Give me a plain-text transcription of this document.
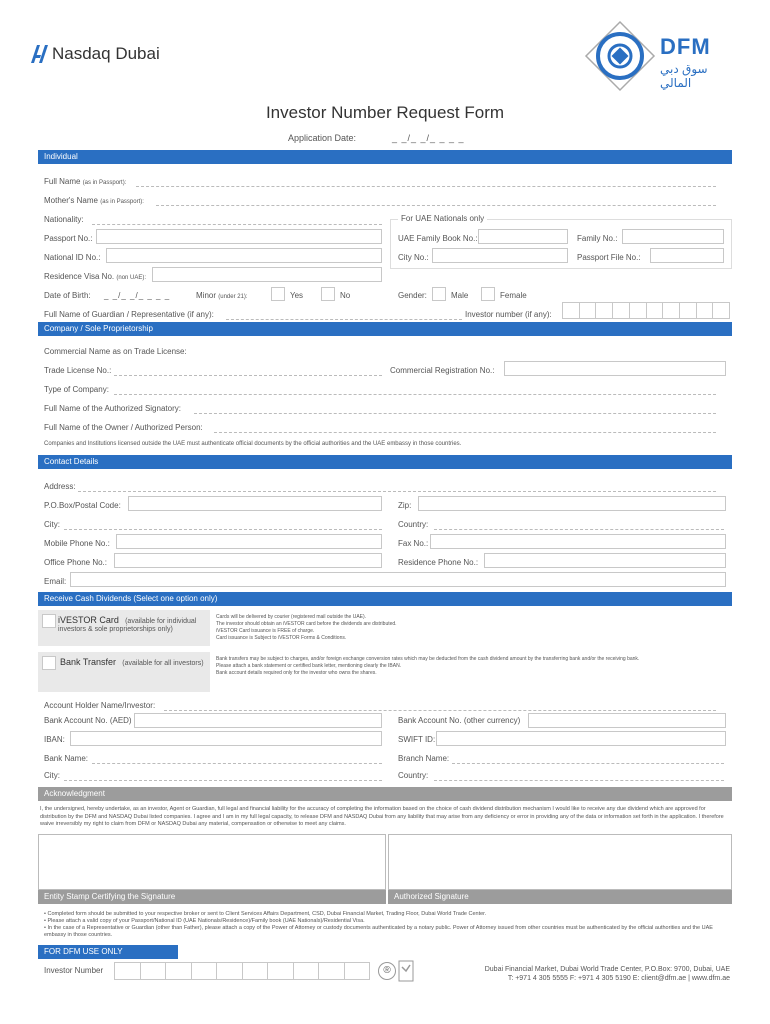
Nasdaq Dubai	DFM
سوق دبي المالي
Investor Number Request Form
Application Date:	_ _/_ _/_ _ _ _
Individual
Full Name (as in Passport):
Mother's Name (as in Passport):
Nationality:	For UAE Nationals only
Passport No.:	UAE Family Book No.:	Family No.:
National ID No.:	City No.:	Passport File No.:
Residence Visa No. (non UAE):
Date of Birth: _ _/_ _/_ _ _ _	Minor (under 21):	Yes	No	Gender:	Male	Female
Full Name of Guardian / Representative (if any):	Investor number (if any):
Company / Sole Proprietorship
Commercial Name as on Trade License:
Trade License No.:	Commercial Registration No.:
Type of Company:
Full Name of the Authorized Signatory:
Full Name of the Owner / Authorized Person:
Companies and Institutions licensed outside the UAE must authenticate official documents by the official authorities and the UAE embassy in those countries.
Contact Details
Address:
P.O.Box/Postal Code:	Zip:
City:	Country:
Mobile Phone No.:	Fax No.:
Office Phone No.:	Residence Phone No.:
Email:
Receive Cash Dividends (Select one option only)
iVESTOR Card (available for individual
investors & sole proprietorships only)
Cards will be delivered by courier (registered mail outside the UAE).
The investor should obtain an iVESTOR card before the dividends are distributed.
iVESTOR Card issuance is FREE of charge.
Card issuance is Subject to iVESTOR Forms & Conditions.
Bank Transfer (available for all investors)
Bank transfers may be subject to charges, and/or foreign exchange conversion rates which may be deducted from the cash dividend amount by the transferring bank and/or the receiving bank.
Please attach a bank statement or certified bank letter, mentioning clearly the IBAN.
Bank account details required only for the investor who owns the shares.
Account Holder Name/Investor:
Bank Account No. (AED)	Bank Account No. (other currency)
IBAN:	SWIFT ID:
Bank Name:	Branch Name:
City:	Country:
Acknowledgment
I, the undersigned, hereby undertake, as an investor, Agent or Guardian, full legal and financial liability for the accuracy of completing the information based on the choice of cash dividend distribution mechanism I would like to receive any due dividend which are approved for distribution by the DFM and NASDAQ Dubai listed companies. I agree and I am in my full legal capacity, to release DFM and NASDAQ Dubai from any liability that may arise from any deficiency or error in providing any of the data or information set forth in the application. I therefore waive irreversibly my right to claim from DFM or NASDAQ Dubai any material, compensation or otherwise to meet any claims.
Entity Stamp Certifying the Signature	Authorized Signature
• Completed form should be submitted to your respective broker or sent to Client Services Affairs Department, CSD, Dubai Financial Market, Trading Floor, Dubai World Trade Center.
• Please attach a valid copy of your Passport/National ID (UAE Nationals/Residence)/Family book (UAE Nationals)/Residential Visa.
• In the case of a Representative or Guardian (other than Father), please attach a copy of the Power of Attorney or custody documents authenticated by a notary public. Power of Attorney issued from other countries must be authenticated by the official authorities and the UAE embassy in those countries.
FOR DFM USE ONLY
Investor Number	®	Dubai Financial Market, Dubai World Trade Center, P.O.Box: 9700, Dubai, UAE
T: +971 4 305 5555 F: +971 4 305 5190 E: client@dfm.ae | www.dfm.ae
